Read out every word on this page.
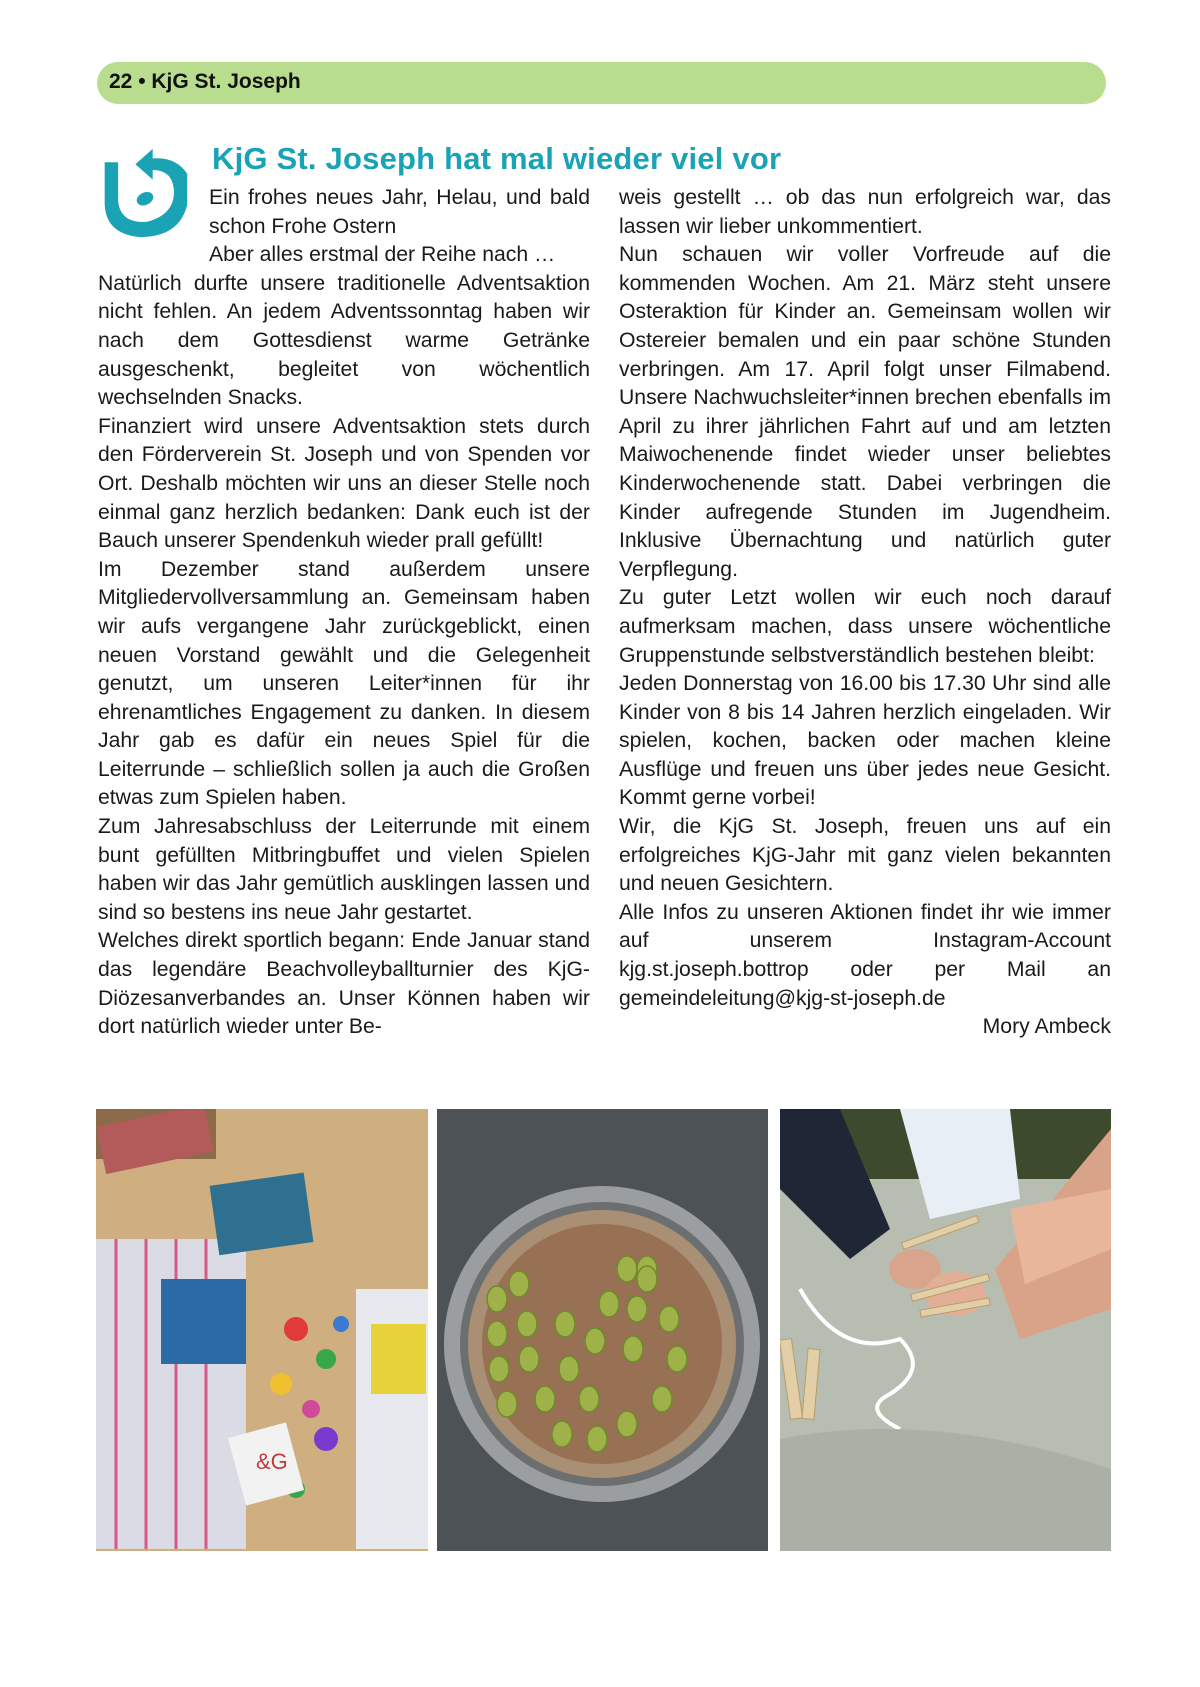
22 • KjG St. Joseph
KjG St. Joseph hat mal wieder viel vor

Ein frohes neues Jahr, Helau, und bald schon Frohe Ostern

Aber alles erstmal der Reihe nach …

Natürlich durfte unsere traditionelle Adventsaktion nicht fehlen. An jedem Adventssonntag haben wir nach dem Gottesdienst warme Getränke ausgeschenkt, begleitet von wöchentlich wechselnden Snacks.

Finanziert wird unsere Adventsaktion stets durch den Förderverein St. Joseph und von Spenden vor Ort. Deshalb möchten wir uns an dieser Stelle noch einmal ganz herzlich bedanken: Dank euch ist der Bauch unserer Spendenkuh wieder prall gefüllt!

Im Dezember stand außerdem unsere Mitgliedervollversammlung an. Gemeinsam haben wir aufs vergangene Jahr zurückgeblickt, einen neuen Vorstand gewählt und die Gelegenheit genutzt, um unseren Leiter*innen für ihr ehrenamtliches Engagement zu danken. In diesem Jahr gab es dafür ein neues Spiel für die Leiterrunde – schließlich sollen ja auch die Großen etwas zum Spielen haben.

Zum Jahresabschluss der Leiterrunde mit einem bunt gefüllten Mitbringbuffet und vielen Spielen haben wir das Jahr gemütlich ausklingen lassen und sind so bestens ins neue Jahr gestartet.

Welches direkt sportlich begann: Ende Januar stand das legendäre Beachvolleyballturnier des KjG-Diözesanverbandes an. Unser Können haben wir dort natürlich wieder unter Be-

weis gestellt … ob das nun erfolgreich war, das lassen wir lieber unkommentiert.

Nun schauen wir voller Vorfreude auf die kommenden Wochen. Am 21. März steht unsere Osteraktion für Kinder an. Gemeinsam wollen wir Ostereier bemalen und ein paar schöne Stunden verbringen. Am 17. April folgt unser Filmabend. Unsere Nachwuchsleiter*innen brechen ebenfalls im April zu ihrer jährlichen Fahrt auf und am letzten Maiwochenende findet wieder unser beliebtes Kinderwochenende statt. Dabei verbringen die Kinder aufregende Stunden im Jugendheim. Inklusive Übernachtung und natürlich guter Verpflegung.

Zu guter Letzt wollen wir euch noch darauf aufmerksam machen, dass unsere wöchentliche Gruppenstunde selbstverständlich bestehen bleibt:

Jeden Donnerstag von 16.00 bis 17.30 Uhr sind alle Kinder von 8 bis 14 Jahren herzlich eingeladen. Wir spielen, kochen, backen oder machen kleine Ausflüge und freuen uns über jedes neue Gesicht. Kommt gerne vorbei!

Wir, die KjG St. Joseph, freuen uns auf ein erfolgreiches KjG-Jahr mit ganz vielen bekannten und neuen Gesichtern.

Alle Infos zu unseren Aktionen findet ihr wie immer auf unserem Instagram-Account kjg.st.joseph.bottrop oder per Mail an gemeindeleitung@kjg-st-joseph.de

Mory Ambeck

&G
